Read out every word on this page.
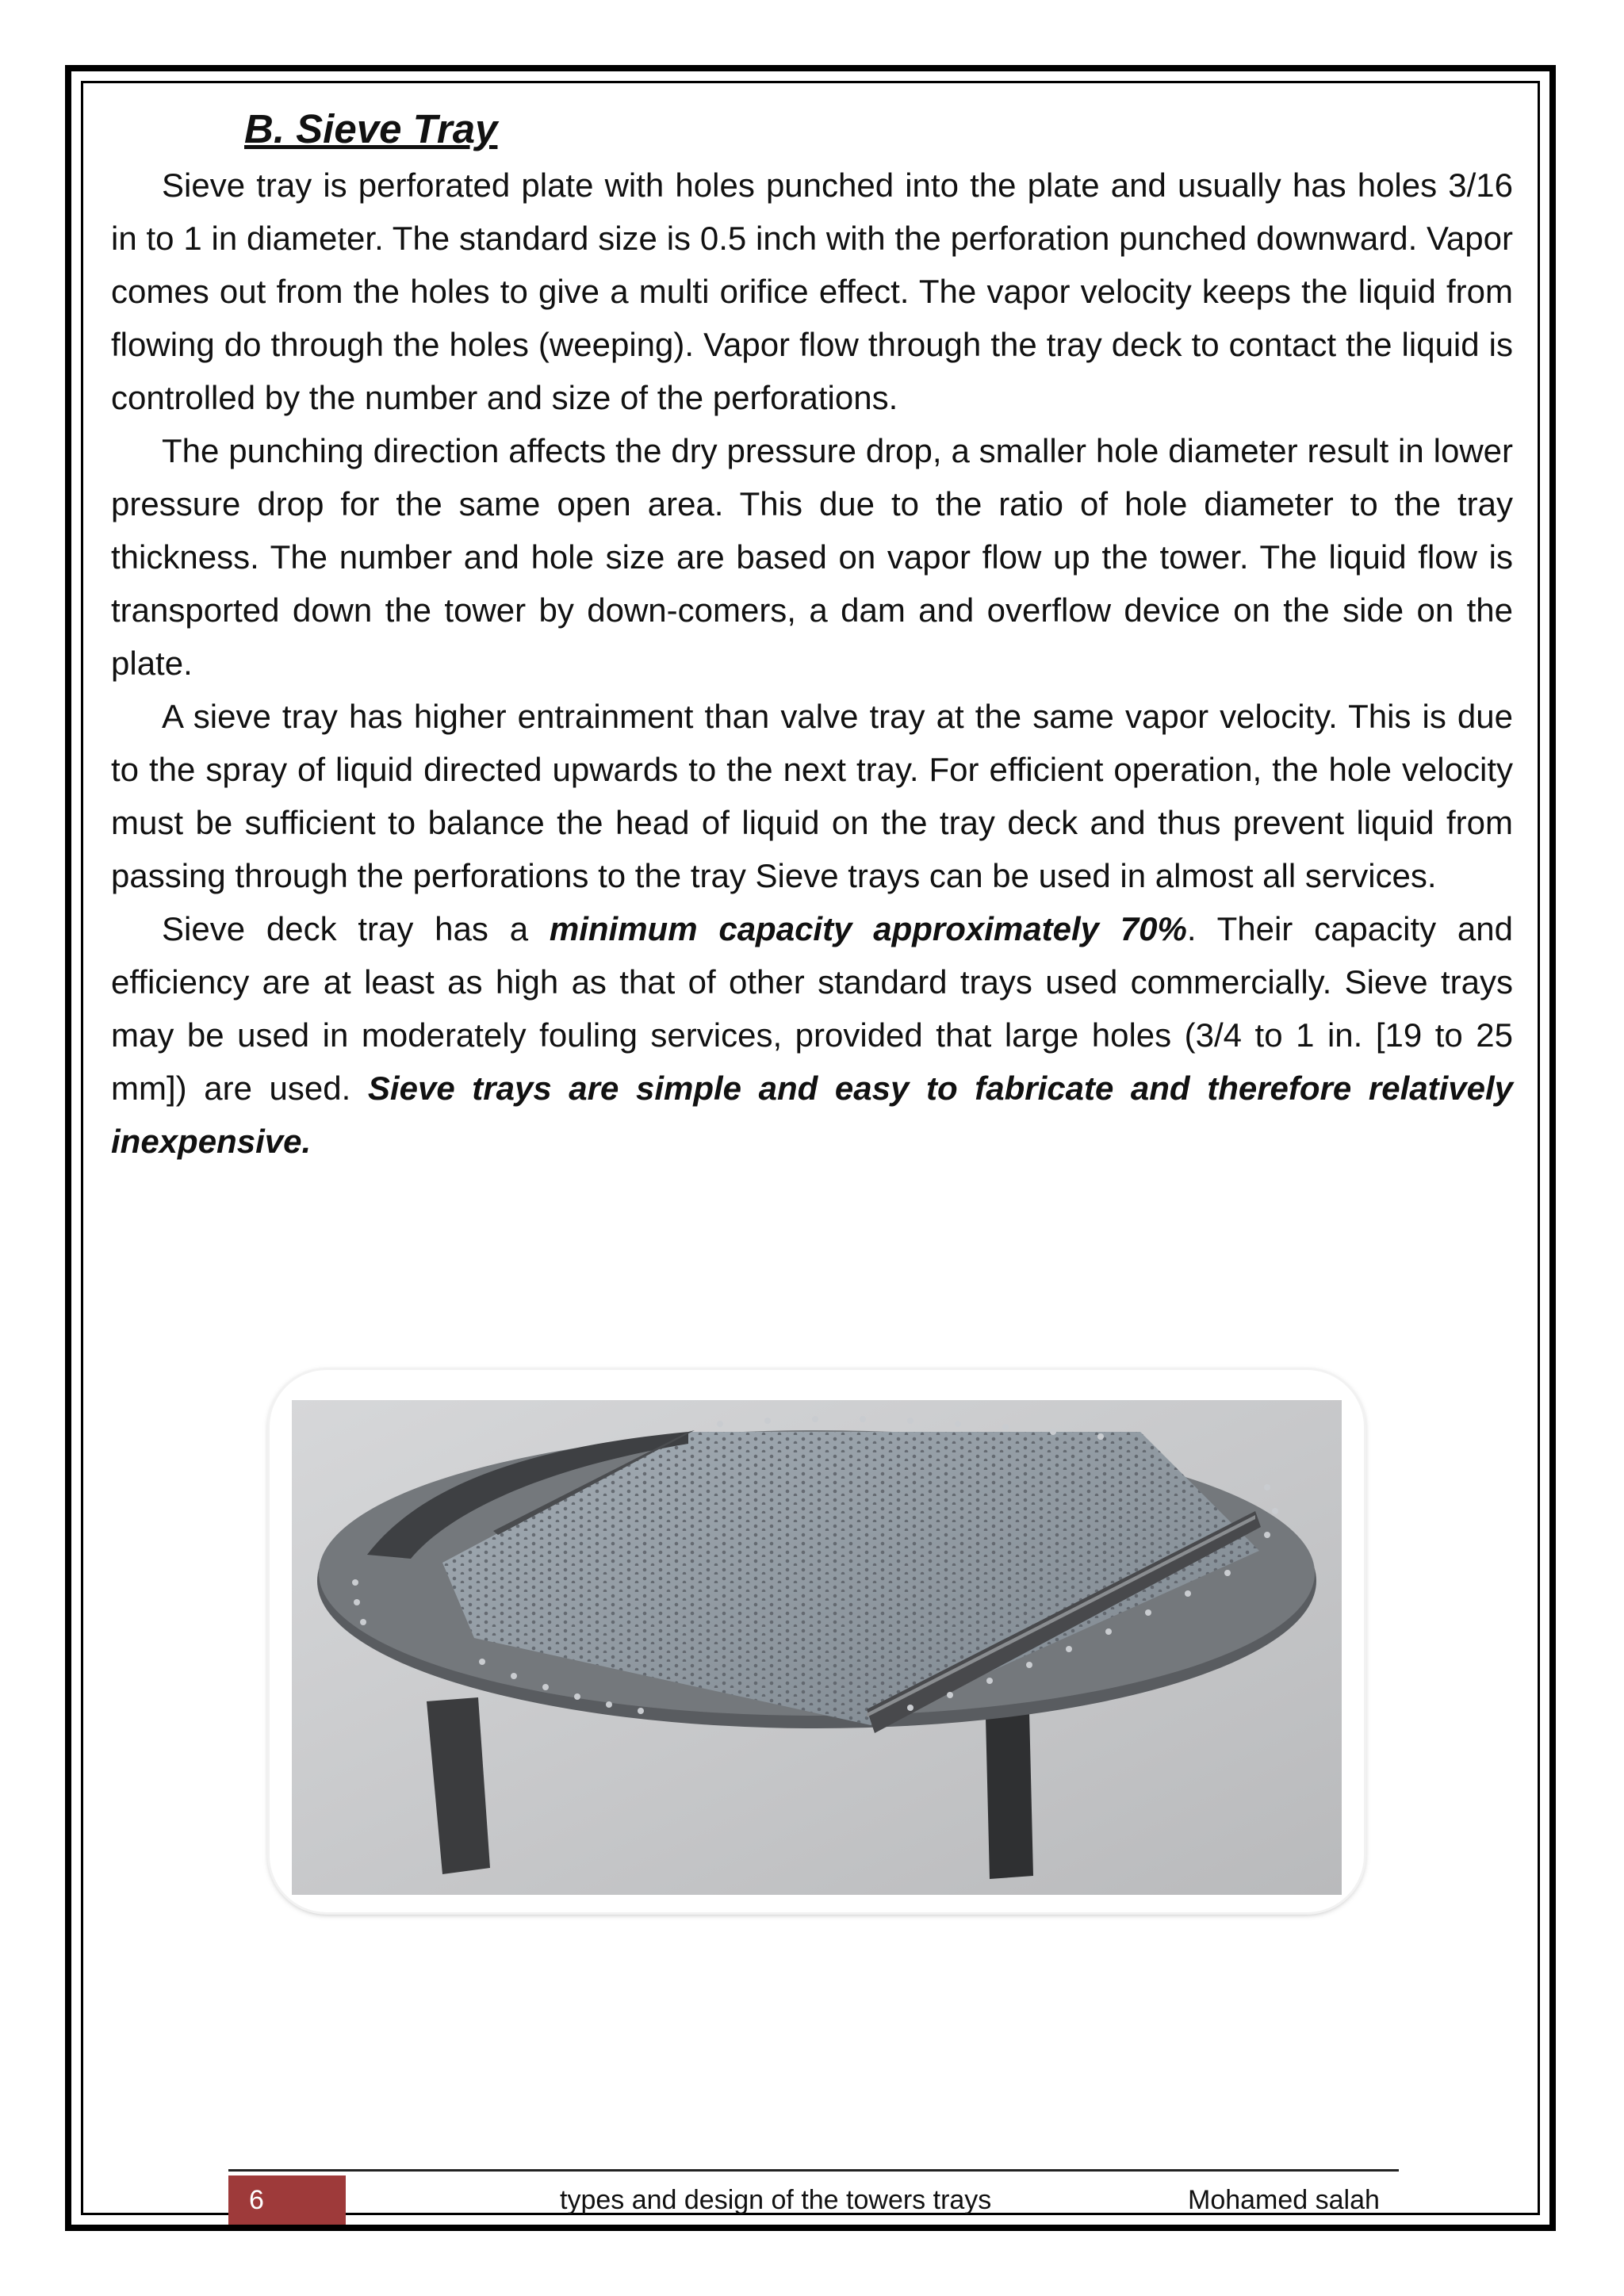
B. Sieve Tray

Sieve tray is perforated plate with holes punched into the plate and usually has holes 3/16 in to 1 in diameter. The standard size is 0.5 inch with the perforation punched downward. Vapor comes out from the holes to give a multi orifice effect. The vapor velocity keeps the liquid from flowing do through the holes (weeping). Vapor flow through the tray deck to contact the liquid is controlled by the number and size of the perforations.

The punching direction affects the dry pressure drop, a smaller hole diameter result in lower pressure drop for the same open area. This due to the ratio of hole diameter to the tray thickness. The number and hole size are based on vapor flow up the tower. The liquid flow is transported down the tower by down-comers, a dam and overflow device on the side on the plate.

A sieve tray has higher entrainment than valve tray at the same vapor velocity. This is due to the spray of liquid directed upwards to the next tray. For efficient operation, the hole velocity must be sufficient to balance the head of liquid on the tray deck and thus prevent liquid from passing through the perforations to the tray Sieve trays can be used in almost all services.

Sieve deck tray has a minimum capacity approximately 70%. Their capacity and efficiency are at least as high as that of other standard trays used commercially. Sieve trays may be used in moderately fouling services, provided that large holes (3/4 to 1 in. [19 to 25 mm]) are used. Sieve trays are simple and easy to fabricate and therefore relatively inexpensive.

6	types and design of the towers trays	Mohamed salah
